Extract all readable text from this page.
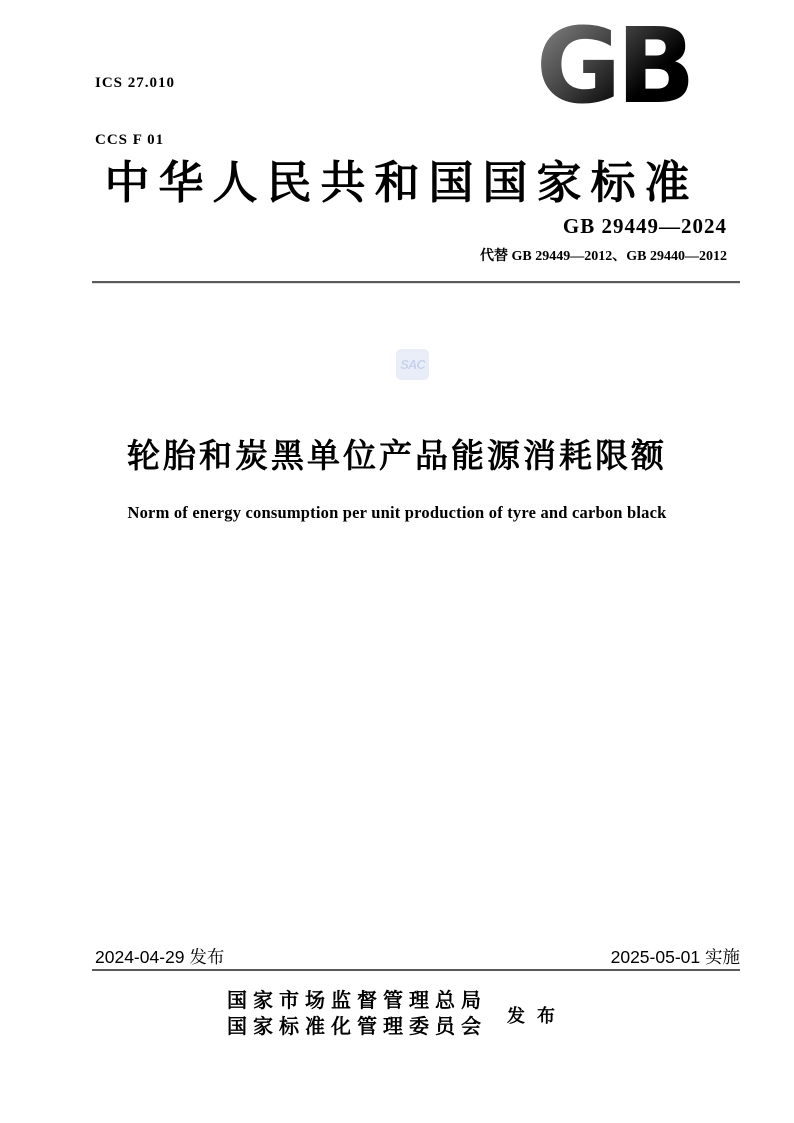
ICS 27.010

CCS F 01

GB
中华人民共和国国家标准
GB 29449—2024
代替 GB 29449—2012、GB 29440—2012
SAC
轮胎和炭黑单位产品能源消耗限额
Norm of energy consumption per unit production of tyre and carbon black
2024-04-29 发布	2025-05-01 实施
国家市场监督管理总局
国家标准化管理委员会 发布
